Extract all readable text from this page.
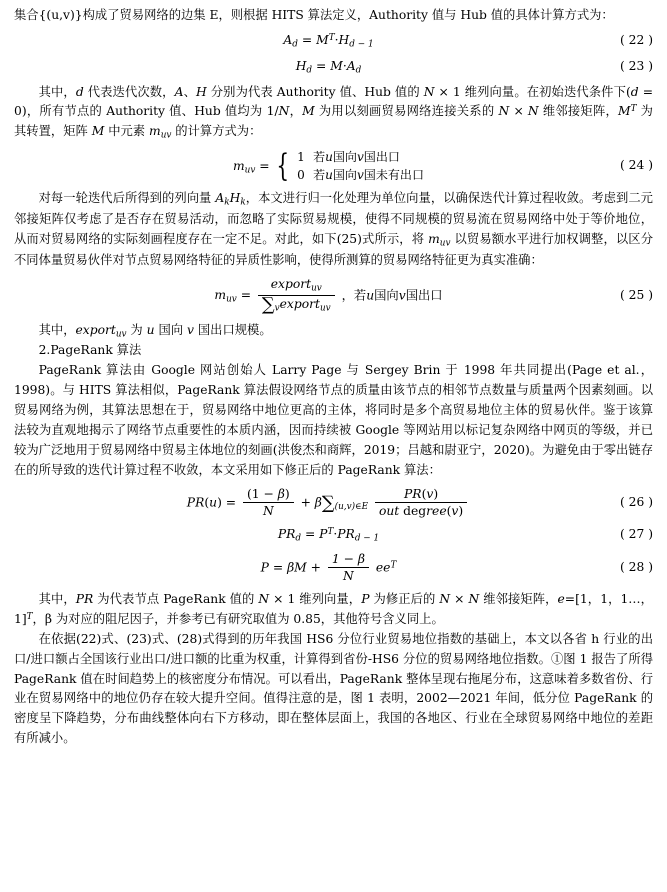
集合{(u,v)}构成了贸易网络的边集 E，则根据 HITS 算法定义，Authority 值与 Hub 值的具体计算方式为：

$A_d = M^T\cdot H_{d - 1}$	( 22 )
$H_d = M\cdot A_d$	( 23 )

其中，d 代表迭代次数，A、H 分别为代表 Authority 值、Hub 值的 N × 1 维列向量。在初始迭代条件下(d = 0)，所有节点的 Authority 值、Hub 值均为 1/N，M 为用以刻画贸易网络连接关系的 N × N 维邻接矩阵，$M^T$ 为其转置，矩阵 M 中元素 $m_{uv}$ 的计算方式为：

$m_{uv}$ = { 1 若u国向v国出口
0 若u国向v国未有出口
( 24 )

对每一轮迭代后所得到的列向量 $A_kH_k$，本文进行归一化处理为单位向量，以确保迭代计算过程收敛。考虑到二元邻接矩阵仅考虑了是否存在贸易活动，而忽略了实际贸易规模，使得不同规模的贸易流在贸易网络中处于等价地位，从而对贸易网络的实际刻画程度存在一定不足。对此，如下(25)式所示，将 $m_{uv}$ 以贸易额水平进行加权调整，以区分不同体量贸易伙伴对节点贸易网络特征的异质性影响，使得所测算的贸易网络特征更为真实准确：

$m_{uv} = \frac{export_{uv}}{\sum_vexport_{uv}}$ ，若u国向v国出口	( 25 )

其中，export$_{uv}$ 为 u 国向 v 国出口规模。

2.PageRank 算法

PageRank 算法由 Google 网站创始人 Larry Page 与 Sergey Brin 于 1998 年共同提出(Page et al.，1998)。与 HITS 算法相似，PageRank 算法假设网络节点的质量由该节点的相邻节点数量与质量两个因素刻画。以贸易网络为例，其算法思想在于，贸易网络中地位更高的主体，将同时是多个高贸易地位主体的贸易伙伴。鉴于该算法较为直观地揭示了网络节点重要性的本质内涵，因而持续被 Google 等网站用以标记复杂网络中网页的等级，并已较为广泛地用于贸易网络中贸易主体地位的刻画(洪俊杰和商辉，2019；吕越和尉亚宁，2020)。为避免由于零出链存在的所导致的迭代计算过程不收敛，本文采用如下修正后的 PageRank 算法：

$PR(u) = \frac{(1 - \beta)}{N} + \beta\sum_{(u,v)\in E} \frac{PR(v)}{\text{out degree(v)}}$	( 26 )
$PR_d = P^T\cdot PR_{d - 1}$	( 27 )
$P = \beta M + \frac{1 - \beta}{N} ee^T$	( 28 )

其中，PR 为代表节点 PageRank 值的 N × 1 维列向量，P 为修正后的 N × N 维邻接矩阵，e=[1，1，1…，1]$^T$，β 为对应的阻尼因子，并参考已有研究取值为 0.85，其他符号含义同上。

在依据(22)式、(23)式、(28)式得到的历年我国 HS6 分位行业贸易地位指数的基础上，本文以各省 h 行业的出口/进口额占全国该行业出口/进口额的比重为权重，计算得到省份-HS6 分位的贸易网络地位指数。①图 1 报告了所得 PageRank 值在时间趋势上的核密度分布情况。可以看出，PageRank 整体呈现右拖尾分布，这意味着多数省份、行业在贸易网络中的地位仍存在较大提升空间。值得注意的是，图 1 表明，2002—2021 年间，低分位 PageRank 的密度呈下降趋势，分布曲线整体向右下方移动，即在整体层面上，我国的各地区、行业在全球贸易网络中地位的差距有所减小。
